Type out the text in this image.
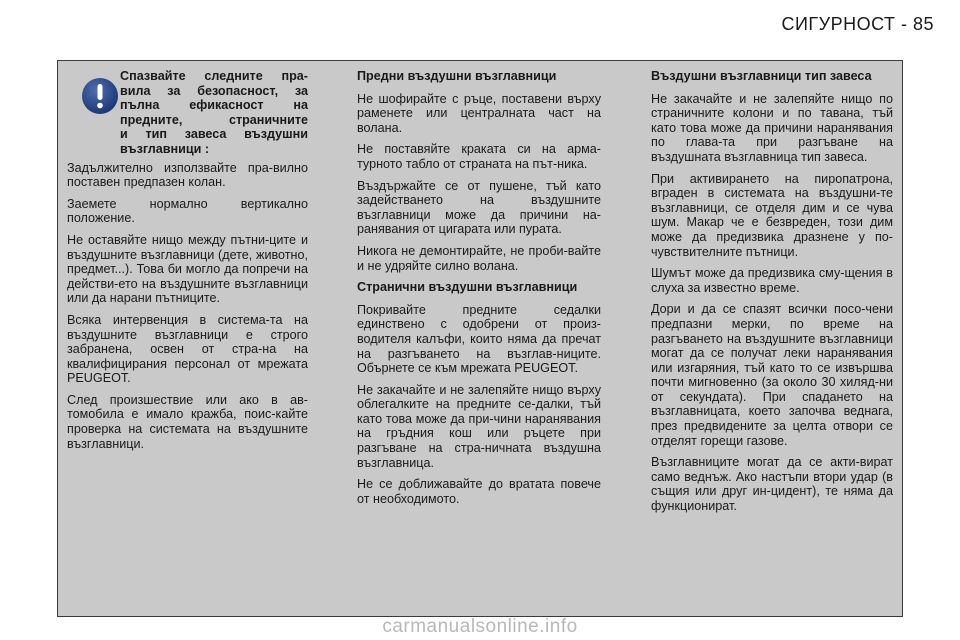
СИГУРНОСТ - 85
Спазвайте следните пра-
вила за безопасност, за
пълна ефикасност на
предните, страничните
и тип завеса въздушни
възглавници :

Задължително използвайте пра-вилно поставен предпазен колан.

Заемете нормално вертикално положение.

Не оставяйте нищо между пътни-ците и въздушните възглавници (дете, животно, предмет...). Това би могло да попречи на действи-ето на въздушните възглавници или да нарани пътниците.

Всяка интервенция в система-та на въздушните възглавници е строго забранена, освен от стра-на на квалифицирания персонал от мрежата PEUGEOT.

След произшествие или ако в ав-томобила е имало кражба, поис-кайте проверка на системата на въздушните възглавници.

Предни въздушни възглавници

Не шофирайте с ръце, поставени върху раменете или централната част на волана.

Не поставяйте краката си на арма-турното табло от страната на път-ника.

Въздържайте се от пушене, тъй като задействането на въздушните възглавници може да причини на-ранявания от цигарата или пурата.

Никога не демонтирайте, не проби-вайте и не удряйте силно волана.

Странични въздушни възглавници

Покривайте предните седалки единствено с одобрени от произ-водителя калъфи, които няма да пречат на разгъването на възглав-ниците. Обърнете се към мрежата PEUGEOT.

Не закачайте и не залепяйте нищо върху облегалките на предните се-далки, тъй като това може да при-чини наранявания на гръдния кош или ръцете при разгъване на стра-ничната въздушна възглавница.

Не се доближавайте до вратата повече от необходимото.

Въздушни възглавници тип завеса

Не закачайте и не залепяйте нищо по страничните колони и по тавана, тъй като това може да причини наранявания по глава-та при разгъване на въздушната възглавница тип завеса.

При активирането на пиропатрона, вграден в системата на въздушни-те възглавници, се отделя дим и се чува шум. Макар че е безвреден, този дим може да предизвика дразнене у по-чувствителните пътници.

Шумът може да предизвика сму-щения в слуха за известно време.

Дори и да се спазят всички посо-чени предпазни мерки, по време на разгъването на въздушните възглавници могат да се получат леки наранявания или изгаряния, тъй като то се извършва почти мигновенно (за около 30 хиляд-ни от секундата). При спадането на възглавницата, което започва веднага, през предвидените за целта отвори се отделят горещи газове.

Възглавниците могат да се акти-вират само веднъж. Ако настъпи втори удар (в същия или друг ин-цидент), те няма да функционират.

carmanualsonline.info
